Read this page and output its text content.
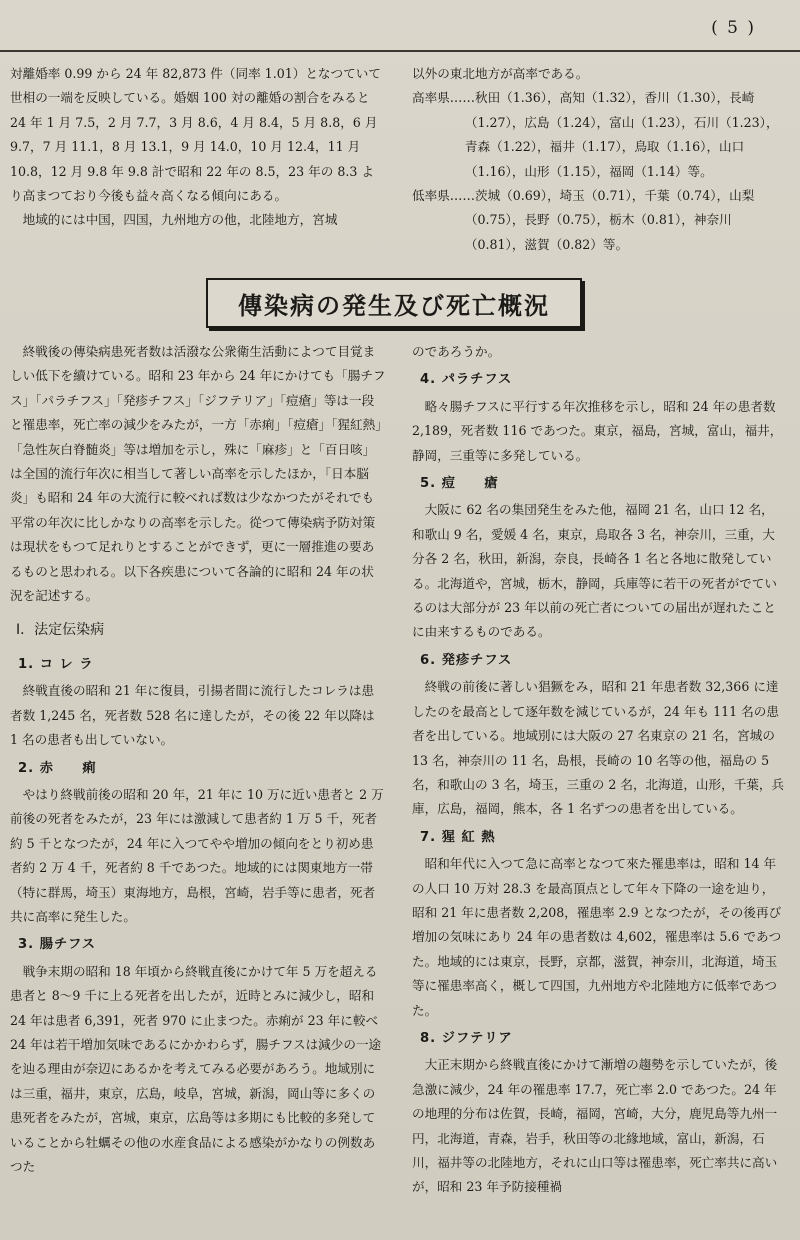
( 5 )

対離婚率 0.99 から 24 年 82,873 件（同率 1.01）となつていて世相の一端を反映している。婚姻 100 対の離婚の割合をみると 24 年 1 月 7.5，2 月 7.7，3 月 8.6，4 月 8.4，5 月 8.8，6 月 9.7，7 月 11.1，8 月 13.1，9 月 14.0，10 月 12.4，11 月 10.8，12 月 9.8 年 9.8 計で昭和 22 年の 8.5，23 年の 8.3 より高まつており今後も益々高くなる傾向にある。

地域的には中国，四国，九州地方の他，北陸地方，宮城

以外の東北地方が高率である。

高率県……秋田（1.36），高知（1.32），香川（1.30），長崎（1.27），広島（1.24），富山（1.23），石川（1.23），青森（1.22），福井（1.17），鳥取（1.16），山口（1.16），山形（1.15），福岡（1.14）等。

低率県……茨城（0.69），埼玉（0.71），千葉（0.74），山梨（0.75），長野（0.75），栃木（0.81），神奈川（0.81），滋賀（0.82）等。

傳染病の発生及び死亡概況

終戦後の傳染病患死者数は活潑な公衆衛生活動によつて目覚ましい低下を續けている。昭和 23 年から 24 年にかけても「腸チフス」「パラチフス」「発疹チフス」「ジフテリア」「痘瘡」等は一段と罹患率，死亡率の減少をみたが，一方「赤痢」「痘瘡」「猩紅熱」「急性灰白脊髄炎」等は増加を示し，殊に「麻疹」と「百日咳」は全国的流行年次に相当して著しい高率を示したほか，「日本脳炎」も昭和 24 年の大流行に較べれば数は少なかつたがそれでも平常の年次に比しかなりの高率を示した。從つて傳染病予防対策は現状をもつて足れりとすることができず，更に一層推進の要あるものと思われる。以下各疾患について各論的に昭和 24 年の状況を記述する。

I．法定伝染病
1. コ レ ラ

終戦直後の昭和 21 年に復員，引揚者間に流行したコレラは患者数 1,245 名，死者数 528 名に達したが，その後 22 年以降は 1 名の患者も出していない。

2. 赤　　痢

やはり終戦前後の昭和 20 年，21 年に 10 万に近い患者と 2 万前後の死者をみたが，23 年には激減して患者約 1 万 5 千，死者約 5 千となつたが，24 年に入つてやや増加の傾向をとり初め患者約 2 万 4 千，死者約 8 千であつた。地域的には関東地方一帯（特に群馬，埼玉）東海地方，島根，宮崎，岩手等に患者，死者共に高率に発生した。

3. 腸チフス

戦争末期の昭和 18 年頃から終戦直後にかけて年 5 万を超える患者と 8～9 千に上る死者を出したが，近時とみに減少し，昭和 24 年は患者 6,391，死者 970 に止まつた。赤痢が 23 年に較べ 24 年は若干増加気味であるにかかわらず，腸チフスは減少の一途を辿る理由が奈辺にあるかを考えてみる必要があろう。地域別には三重，福井，東京，広島，岐阜，宮城，新潟，岡山等に多くの患死者をみたが，宮城，東京，広島等は多期にも比較的多発していることから牡蠣その他の水産食品による感染がかなりの例数あつた

のであろうか。

4. パラチフス

略々腸チフスに平行する年次推移を示し，昭和 24 年の患者数 2,189，死者数 116 であつた。東京，福島，宮城，富山，福井，静岡，三重等に多発している。

5. 痘　　瘡

大阪に 62 名の集団発生をみた他，福岡 21 名，山口 12 名，和歌山 9 名，愛媛 4 名，東京，鳥取各 3 名，神奈川，三重，大分各 2 名，秋田，新潟，奈良，長崎各 1 名と各地に散発している。北海道や，宮城，栃木，静岡，兵庫等に若干の死者がでているのは大部分が 23 年以前の死亡者についての届出が遅れたことに由来するものである。

6. 発疹チフス

終戦の前後に著しい猖獗をみ，昭和 21 年患者数 32,366 に達したのを最高として逐年数を減じているが，24 年も 111 名の患者を出している。地域別には大阪の 27 名東京の 21 名，宮城の 13 名，神奈川の 11 名，島根，長崎の 10 名等の他，福島の 5 名，和歌山の 3 名，埼玉，三重の 2 名，北海道，山形，千葉，兵庫，広島，福岡，熊本，各 1 名ずつの患者を出している。

7. 猩 紅 熱

昭和年代に入つて急に高率となつて來た罹患率は，昭和 14 年の人口 10 万対 28.3 を最高頂点として年々下降の一途を辿り，昭和 21 年に患者数 2,208，罹患率 2.9 となつたが，その後再び増加の気味にあり 24 年の患者数は 4,602，罹患率は 5.6 であつた。地域的には東京，長野，京都，滋賀，神奈川，北海道，埼玉等に罹患率高く，概して四国，九州地方や北陸地方に低率であつた。

8. ジフテリア

大正末期から終戦直後にかけて漸増の趨勢を示していたが，後急激に減少，24 年の罹患率 17.7，死亡率 2.0 であつた。24 年の地理的分布は佐賀，長崎，福岡，宮崎，大分，鹿児島等九州一円，北海道，青森，岩手，秋田等の北緣地域，富山，新潟，石川，福井等の北陸地方，それに山口等は罹患率，死亡率共に高いが，昭和 23 年予防接種禍
